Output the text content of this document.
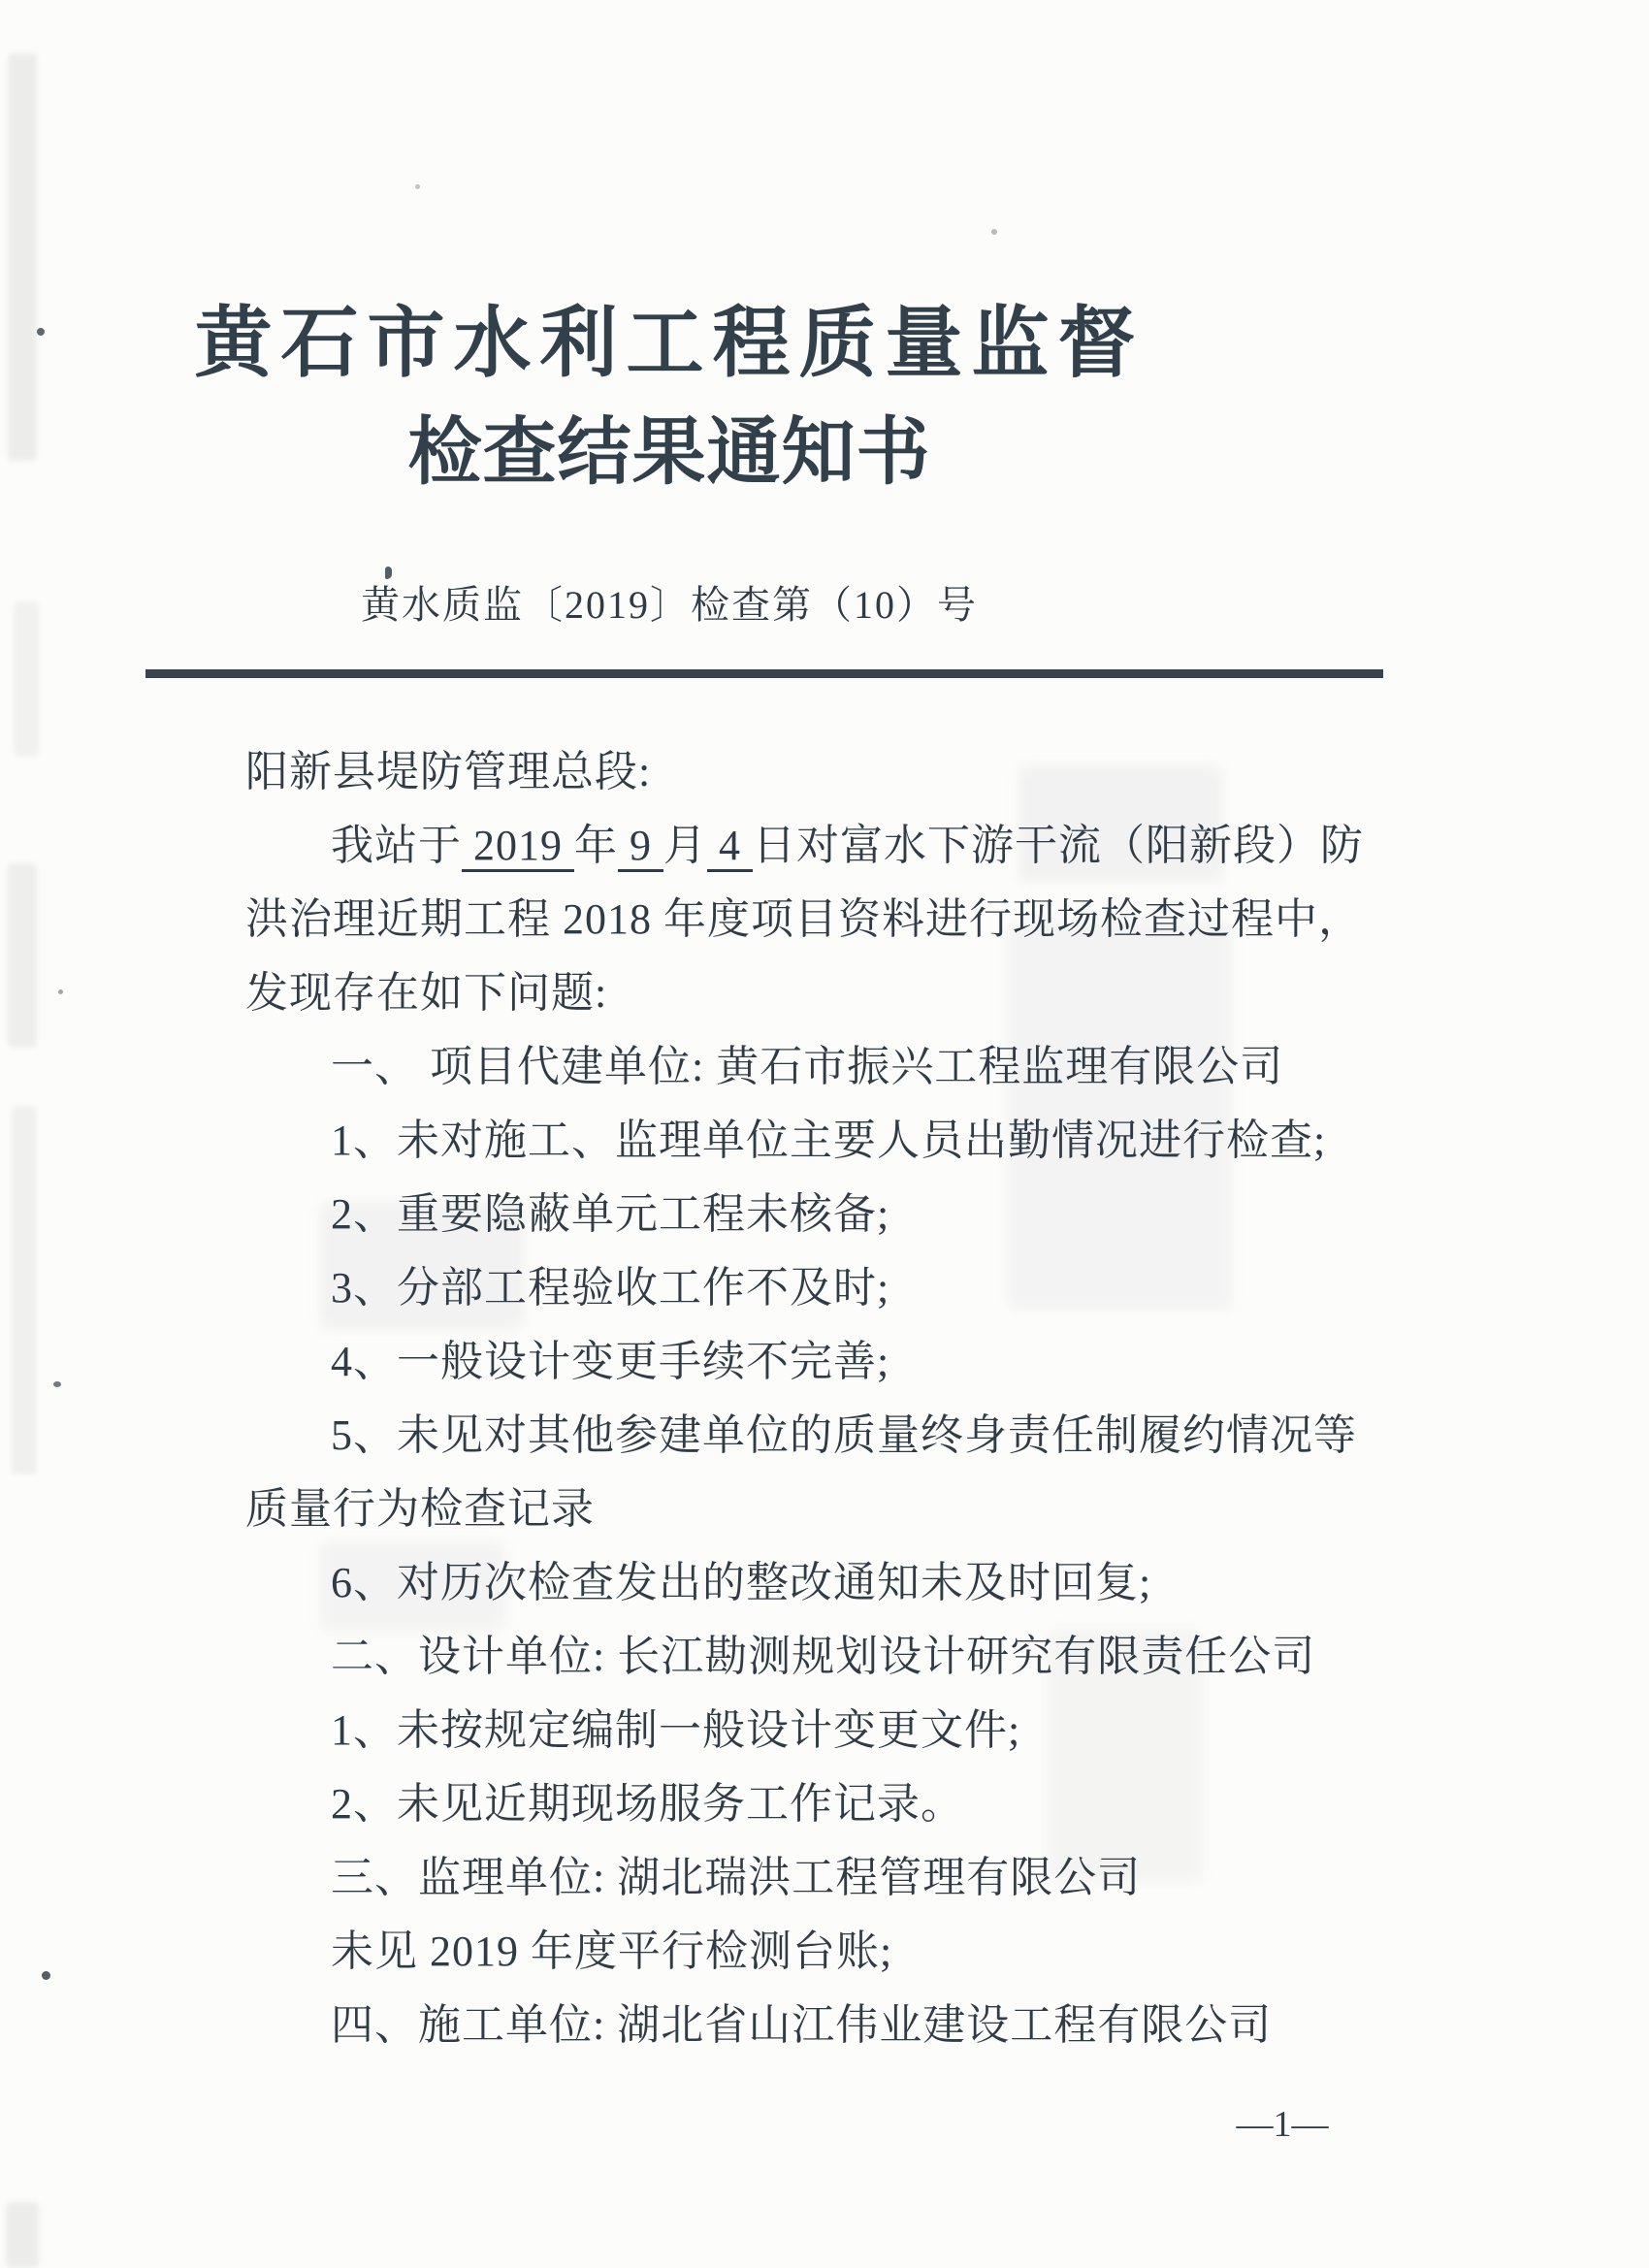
黄石市水利工程质量监督
检查结果通知书
黄水质监〔2019〕检查第（10）号
阳新县堤防管理总段:
我站于 2019 年 9 月 4 日对富水下游干流（阳新段）防
洪治理近期工程 2018 年度项目资料进行现场检查过程中，
发现存在如下问题:
一、 项目代建单位: 黄石市振兴工程监理有限公司
1、未对施工、监理单位主要人员出勤情况进行检查;
2、重要隐蔽单元工程未核备;
3、分部工程验收工作不及时;
4、一般设计变更手续不完善;
5、未见对其他参建单位的质量终身责任制履约情况等
质量行为检查记录
6、对历次检查发出的整改通知未及时回复;
二、设计单位: 长江勘测规划设计研究有限责任公司
1、未按规定编制一般设计变更文件;
2、未见近期现场服务工作记录。
三、监理单位: 湖北瑞洪工程管理有限公司
未见 2019 年度平行检测台账;
四、施工单位: 湖北省山江伟业建设工程有限公司
—1—
